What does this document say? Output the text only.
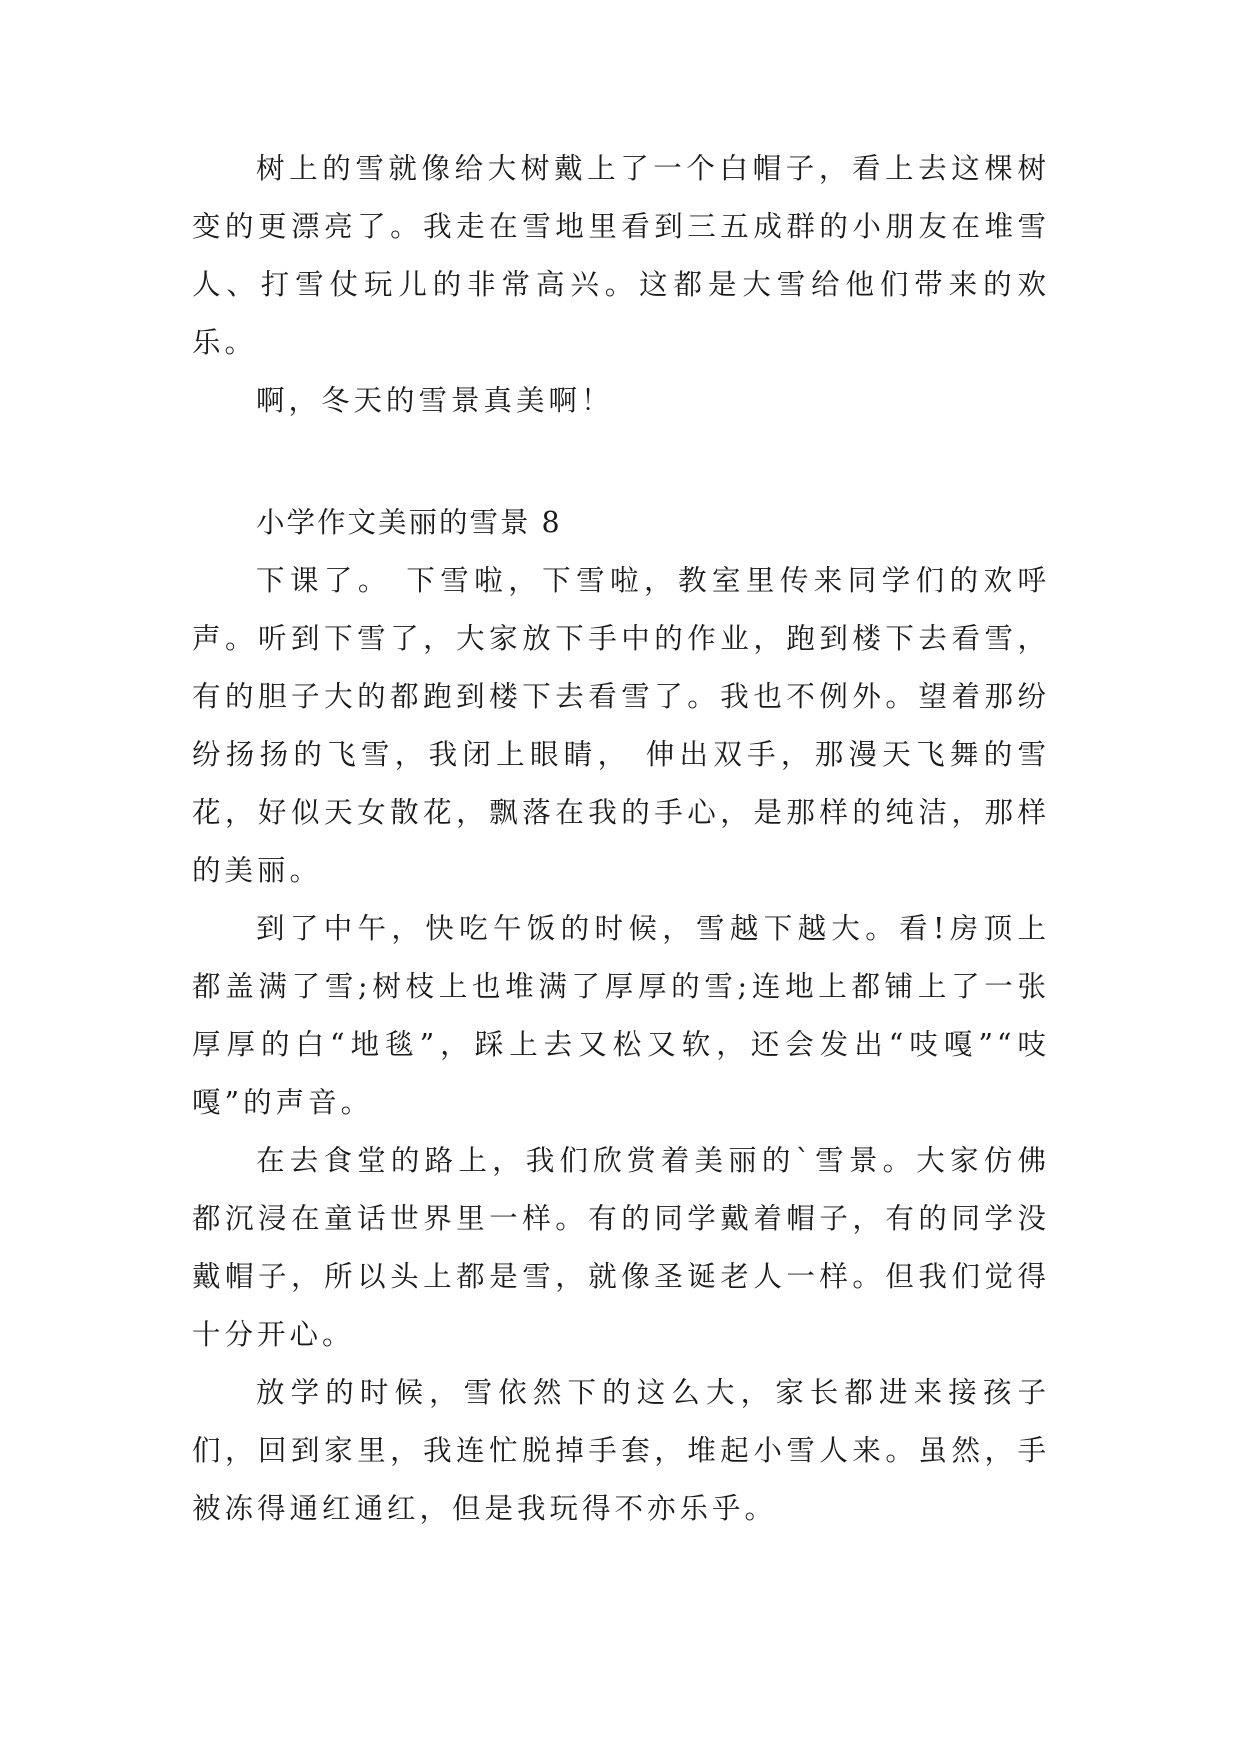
树上的雪就像给大树戴上了一个白帽子，看上去这棵树变的更漂亮了。我走在雪地里看到三五成群的小朋友在堆雪人、打雪仗玩儿的非常高兴。这都是大雪给他们带来的欢乐。

啊，冬天的雪景真美啊！

小学作文美丽的雪景 8

下课了。 下雪啦，下雪啦，教室里传来同学们的欢呼声。听到下雪了，大家放下手中的作业，跑到楼下去看雪，有的胆子大的都跑到楼下去看雪了。我也不例外。望着那纷纷扬扬的飞雪，我闭上眼睛， 伸出双手，那漫天飞舞的雪花，好似天女散花，飘落在我的手心，是那样的纯洁，那样的美丽。

到了中午，快吃午饭的时候，雪越下越大。看!房顶上都盖满了雪;树枝上也堆满了厚厚的雪;连地上都铺上了一张厚厚的白“地毯”，踩上去又松又软，还会发出“吱嘎”“吱嘎”的声音。

在去食堂的路上，我们欣赏着美丽的`雪景。大家仿佛都沉浸在童话世界里一样。有的同学戴着帽子，有的同学没戴帽子，所以头上都是雪，就像圣诞老人一样。但我们觉得十分开心。

放学的时候，雪依然下的这么大，家长都进来接孩子们，回到家里，我连忙脱掉手套，堆起小雪人来。虽然，手被冻得通红通红，但是我玩得不亦乐乎。
